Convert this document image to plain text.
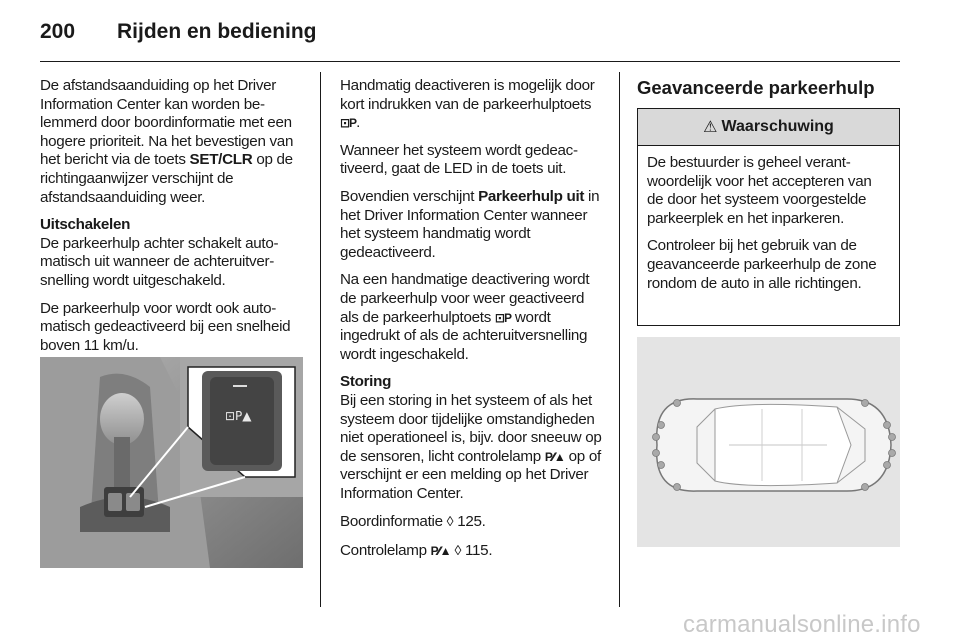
200 Rijden en bediening

De afstandsaanduiding op het Driver Information Center kan worden belemmerd door boordinformatie met een hogere prioriteit. Na het bevestigen van het bericht via de toets SET/CLR op de richtingaanwijzer verschijnt de afstandsaanduiding weer.

Uitschakelen

De parkeerhulp achter schakelt automatisch uit wanneer de achteruitversnelling wordt uitgeschakeld.

De parkeerhulp voor wordt ook automatisch gedeactiveerd bij een snelheid boven 11 km/u.

⊡P▲

Handmatig deactiveren is mogelijk door kort indrukken van de parkeerhulptoets ⊡P.

Wanneer het systeem wordt gedeactiveerd, gaat de LED in de toets uit.

Bovendien verschijnt Parkeerhulp uit in het Driver Information Center wanneer het systeem handmatig wordt gedeactiveerd.

Na een handmatige deactivering wordt de parkeerhulp voor weer geactiveerd als de parkeerhulptoets ⊡P wordt ingedrukt of als de achteruitversnelling wordt ingeschakeld.

Storing

Bij een storing in het systeem of als het systeem door tijdelijke omstandigheden niet operationeel is, bijv. door sneeuw op de sensoren, licht controlelamp P⁄⁄▲ op of verschijnt er een melding op het Driver Information Center.

Boordinformatie ◊ 125.

Controlelamp P⁄⁄▲ ◊ 115.

Geavanceerde parkeerhulp

⚠ Waarschuwing

De bestuurder is geheel verantwoordelijk voor het accepteren van de door het systeem voorgestelde parkeerplek en het inparkeren.

Controleer bij het gebruik van de geavanceerde parkeerhulp de zone rondom de auto in alle richtingen.

carmanualsonline.info
